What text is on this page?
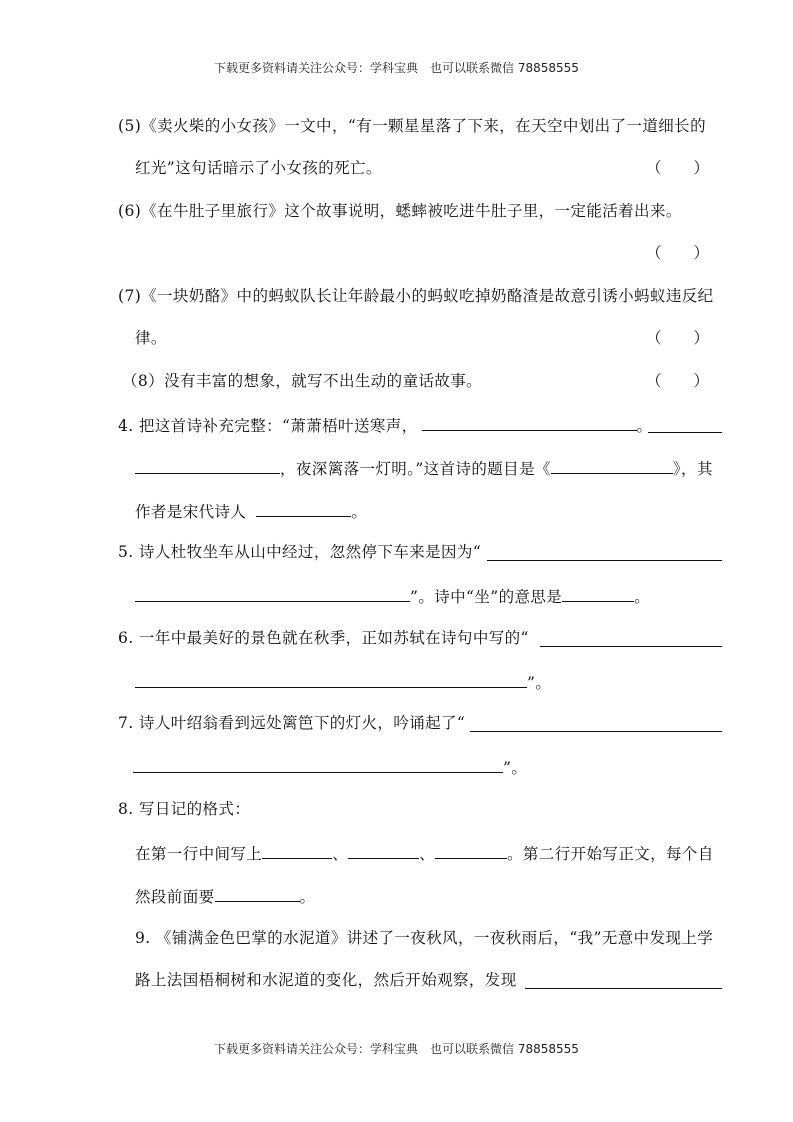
下载更多资料请关注公众号：学科宝典　也可以联系微信 78858555
(5)《卖火柴的小女孩》一文中，“有一颗星星落了下来，在天空中划出了一道细长的
红光”这句话暗示了小女孩的死亡。	（ ）
(6)《在牛肚子里旅行》这个故事说明，蟋蟀被吃进牛肚子里，一定能活着出来。
（ ）
(7)《一块奶酪》中的蚂蚁队长让年龄最小的蚂蚁吃掉奶酪渣是故意引诱小蚂蚁违反纪
律。	（ ）
（8）没有丰富的想象，就写不出生动的童话故事。	（ ）
4. 把这首诗补充完整：“萧萧梧叶送寒声，	。
，夜深篱落一灯明。”这首诗的题目是《	》，其
作者是宋代诗人	。
5. 诗人杜牧坐车从山中经过，忽然停下车来是因为“
”。诗中“坐”的意思是	。
6. 一年中最美好的景色就在秋季，正如苏轼在诗句中写的“
”。
7. 诗人叶绍翁看到远处篱笆下的灯火，吟诵起了“
”。
8. 写日记的格式：
在第一行中间写上	、	、	。第二行开始写正文，每个自
然段前面要	。
9. 《铺满金色巴掌的水泥道》讲述了一夜秋风，一夜秋雨后，“我”无意中发现上学
路上法国梧桐树和水泥道的变化，然后开始观察，发现
下载更多资料请关注公众号：学科宝典　也可以联系微信 78858555
